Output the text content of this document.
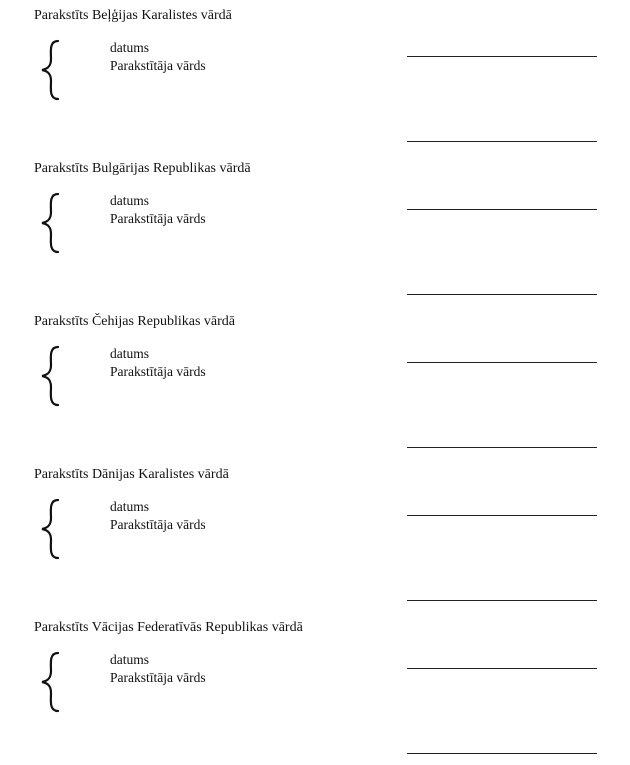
Parakstīts Beļģijas Karalistes vārdā
datums
Parakstītāja vārds
Parakstīts Bulgārijas Republikas vārdā
datums
Parakstītāja vārds
Parakstīts Čehijas Republikas vārdā
datums
Parakstītāja vārds
Parakstīts Dānijas Karalistes vārdā
datums
Parakstītāja vārds
Parakstīts Vācijas Federatīvās Republikas vārdā
datums
Parakstītāja vārds
